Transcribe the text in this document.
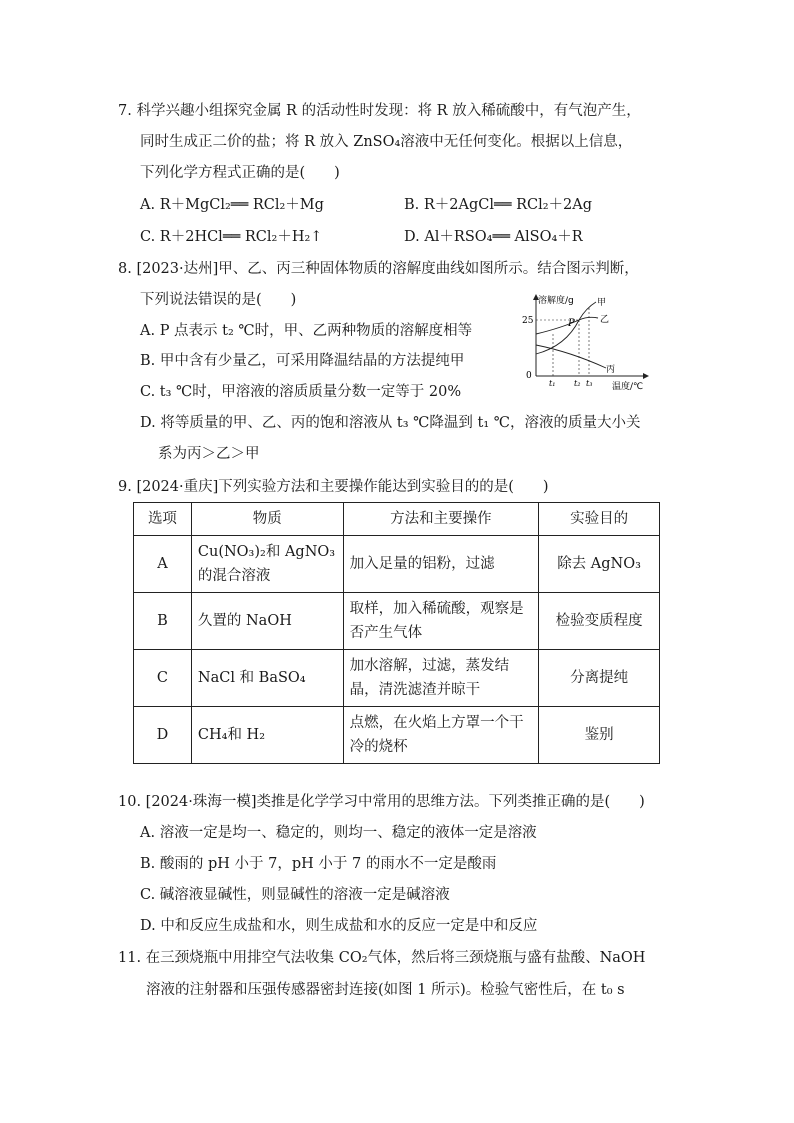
7. 科学兴趣小组探究金属 R 的活动性时发现：将 R 放入稀硫酸中，有气泡产生，
同时生成正二价的盐；将 R 放入 ZnSO₄溶液中无任何变化。根据以上信息，
下列化学方程式正确的是(　　)
A. R＋MgCl₂══ RCl₂＋Mg	B. R＋2AgCl══ RCl₂＋2Ag
C. R＋2HCl══ RCl₂＋H₂↑	D. Al＋RSO₄══ AlSO₄＋R
8. [2023·达州]甲、乙、丙三种固体物质的溶解度曲线如图所示。结合图示判断，
下列说法错误的是(　　)
A. P 点表示 t₂ ℃时，甲、乙两种物质的溶解度相等
B. 甲中含有少量乙，可采用降温结晶的方法提纯甲
C. t₃ ℃时，甲溶液的溶质质量分数一定等于 20%
D. 将等质量的甲、乙、丙的饱和溶液从 t₃ ℃降温到 t₁ ℃，溶液的质量大小关
系为丙＞乙＞甲
溶解度/g
温度/℃
25
0
P
甲
乙
丙
t₁ t₂ t₃
9. [2024·重庆]下列实验方法和主要操作能达到实验目的的是(　　)
选项	物质	方法和主要操作	实验目的
A	Cu(NO₃)₂和 AgNO₃的混合溶液	加入足量的铝粉，过滤	除去 AgNO₃
B	久置的 NaOH	取样，加入稀硫酸，观察是否产生气体	检验变质程度
C	NaCl 和 BaSO₄	加水溶解，过滤，蒸发结晶，清洗滤渣并晾干	分离提纯
D	CH₄和 H₂	点燃，在火焰上方罩一个干冷的烧杯	鉴别
10. [2024·珠海一模]类推是化学学习中常用的思维方法。下列类推正确的是(　　)
A. 溶液一定是均一、稳定的，则均一、稳定的液体一定是溶液
B. 酸雨的 pH 小于 7，pH 小于 7 的雨水不一定是酸雨
C. 碱溶液显碱性，则显碱性的溶液一定是碱溶液
D. 中和反应生成盐和水，则生成盐和水的反应一定是中和反应
11. 在三颈烧瓶中用排空气法收集 CO₂气体，然后将三颈烧瓶与盛有盐酸、NaOH
溶液的注射器和压强传感器密封连接(如图 1 所示)。检验气密性后，在 t₀ s
